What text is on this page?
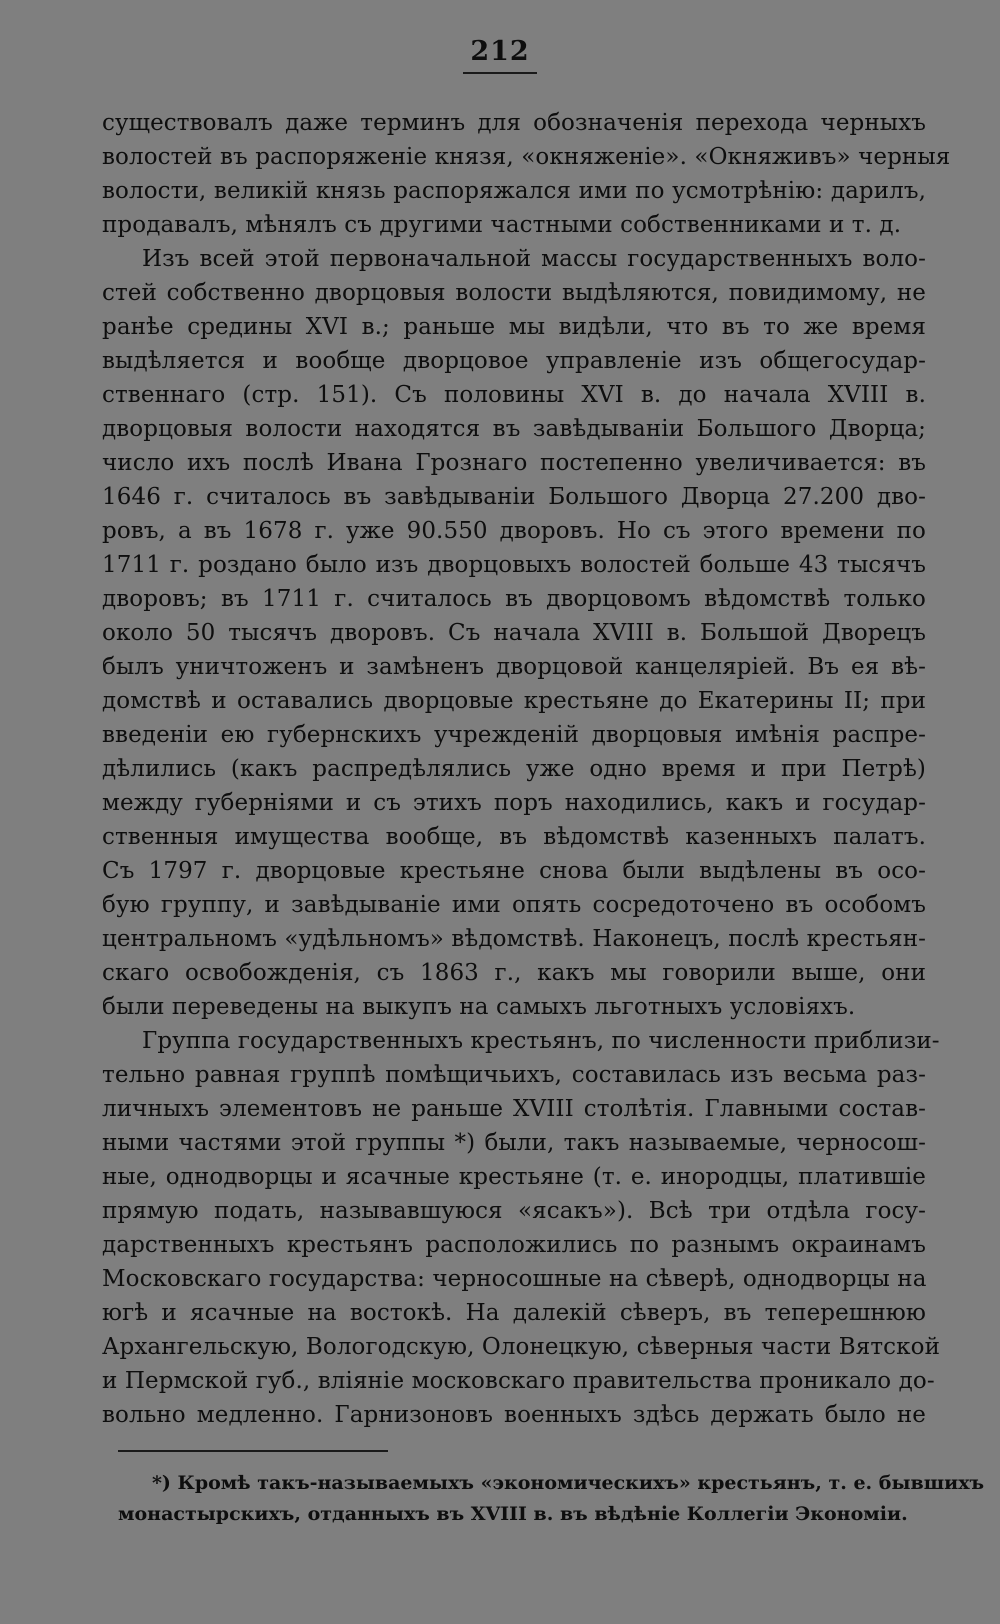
212
существовалъ даже терминъ для обозначенія перехода черныхъ
волостей въ распоряженіе князя, «окняженіе». «Окняживъ» черныя
волости, великій князь распоряжался ими по усмотрѣнію: дарилъ,
продавалъ, мѣнялъ съ другими частными собственниками и т. д.
Изъ всей этой первоначальной массы государственныхъ воло-
стей собственно дворцовыя волости выдѣляются, повидимому, не
ранѣе средины XVI в.; раньше мы видѣли, что въ то же время
выдѣляется и вообще дворцовое управленіе изъ общегосудар-
ственнаго (стр. 151). Съ половины XVI в. до начала XVIII в.
дворцовыя волости находятся въ завѣдываніи Большого Дворца;
число ихъ послѣ Ивана Грознаго постепенно увеличивается: въ
1646 г. считалось въ завѣдываніи Большого Дворца 27.200 дво-
ровъ, а въ 1678 г. уже 90.550 дворовъ. Но съ этого времени по
1711 г. роздано было изъ дворцовыхъ волостей больше 43 тысячъ
дворовъ; въ 1711 г. считалось въ дворцовомъ вѣдомствѣ только
около 50 тысячъ дворовъ. Съ начала XVIII в. Большой Дворецъ
былъ уничтоженъ и замѣненъ дворцовой канцеляріей. Въ ея вѣ-
домствѣ и оставались дворцовые крестьяне до Екатерины II; при
введеніи ею губернскихъ учрежденій дворцовыя имѣнія распре-
дѣлились (какъ распредѣлялись уже одно время и при Петрѣ)
между губерніями и съ этихъ поръ находились, какъ и государ-
ственныя имущества вообще, въ вѣдомствѣ казенныхъ палатъ.
Съ 1797 г. дворцовые крестьяне снова были выдѣлены въ осо-
бую группу, и завѣдываніе ими опять сосредоточено въ особомъ
центральномъ «удѣльномъ» вѣдомствѣ. Наконецъ, послѣ крестьян-
скаго освобожденія, съ 1863 г., какъ мы говорили выше, они
были переведены на выкупъ на самыхъ льготныхъ условіяхъ.
Группа государственныхъ крестьянъ, по численности приблизи-
тельно равная группѣ помѣщичьихъ, составилась изъ весьма раз-
личныхъ элементовъ не раньше XVIII столѣтія. Главными состав-
ными частями этой группы *) были, такъ называемые, черносош-
ные, однодворцы и ясачные крестьяне (т. е. инородцы, платившіе
прямую подать, называвшуюся «ясакъ»). Всѣ три отдѣла госу-
дарственныхъ крестьянъ расположились по разнымъ окраинамъ
Московскаго государства: черносошные на сѣверѣ, однодворцы на
югѣ и ясачные на востокѣ. На далекій сѣверъ, въ теперешнюю
Архангельскую, Вологодскую, Олонецкую, сѣверныя части Вятской
и Пермской губ., вліяніе московскаго правительства проникало до-
вольно медленно. Гарнизоновъ военныхъ здѣсь держать было не
*) Кромѣ такъ-называемыхъ «экономическихъ» крестьянъ, т. е. бывшихъ
монастырскихъ, отданныхъ въ XVIII в. въ вѣдѣніе Коллегіи Экономіи.
